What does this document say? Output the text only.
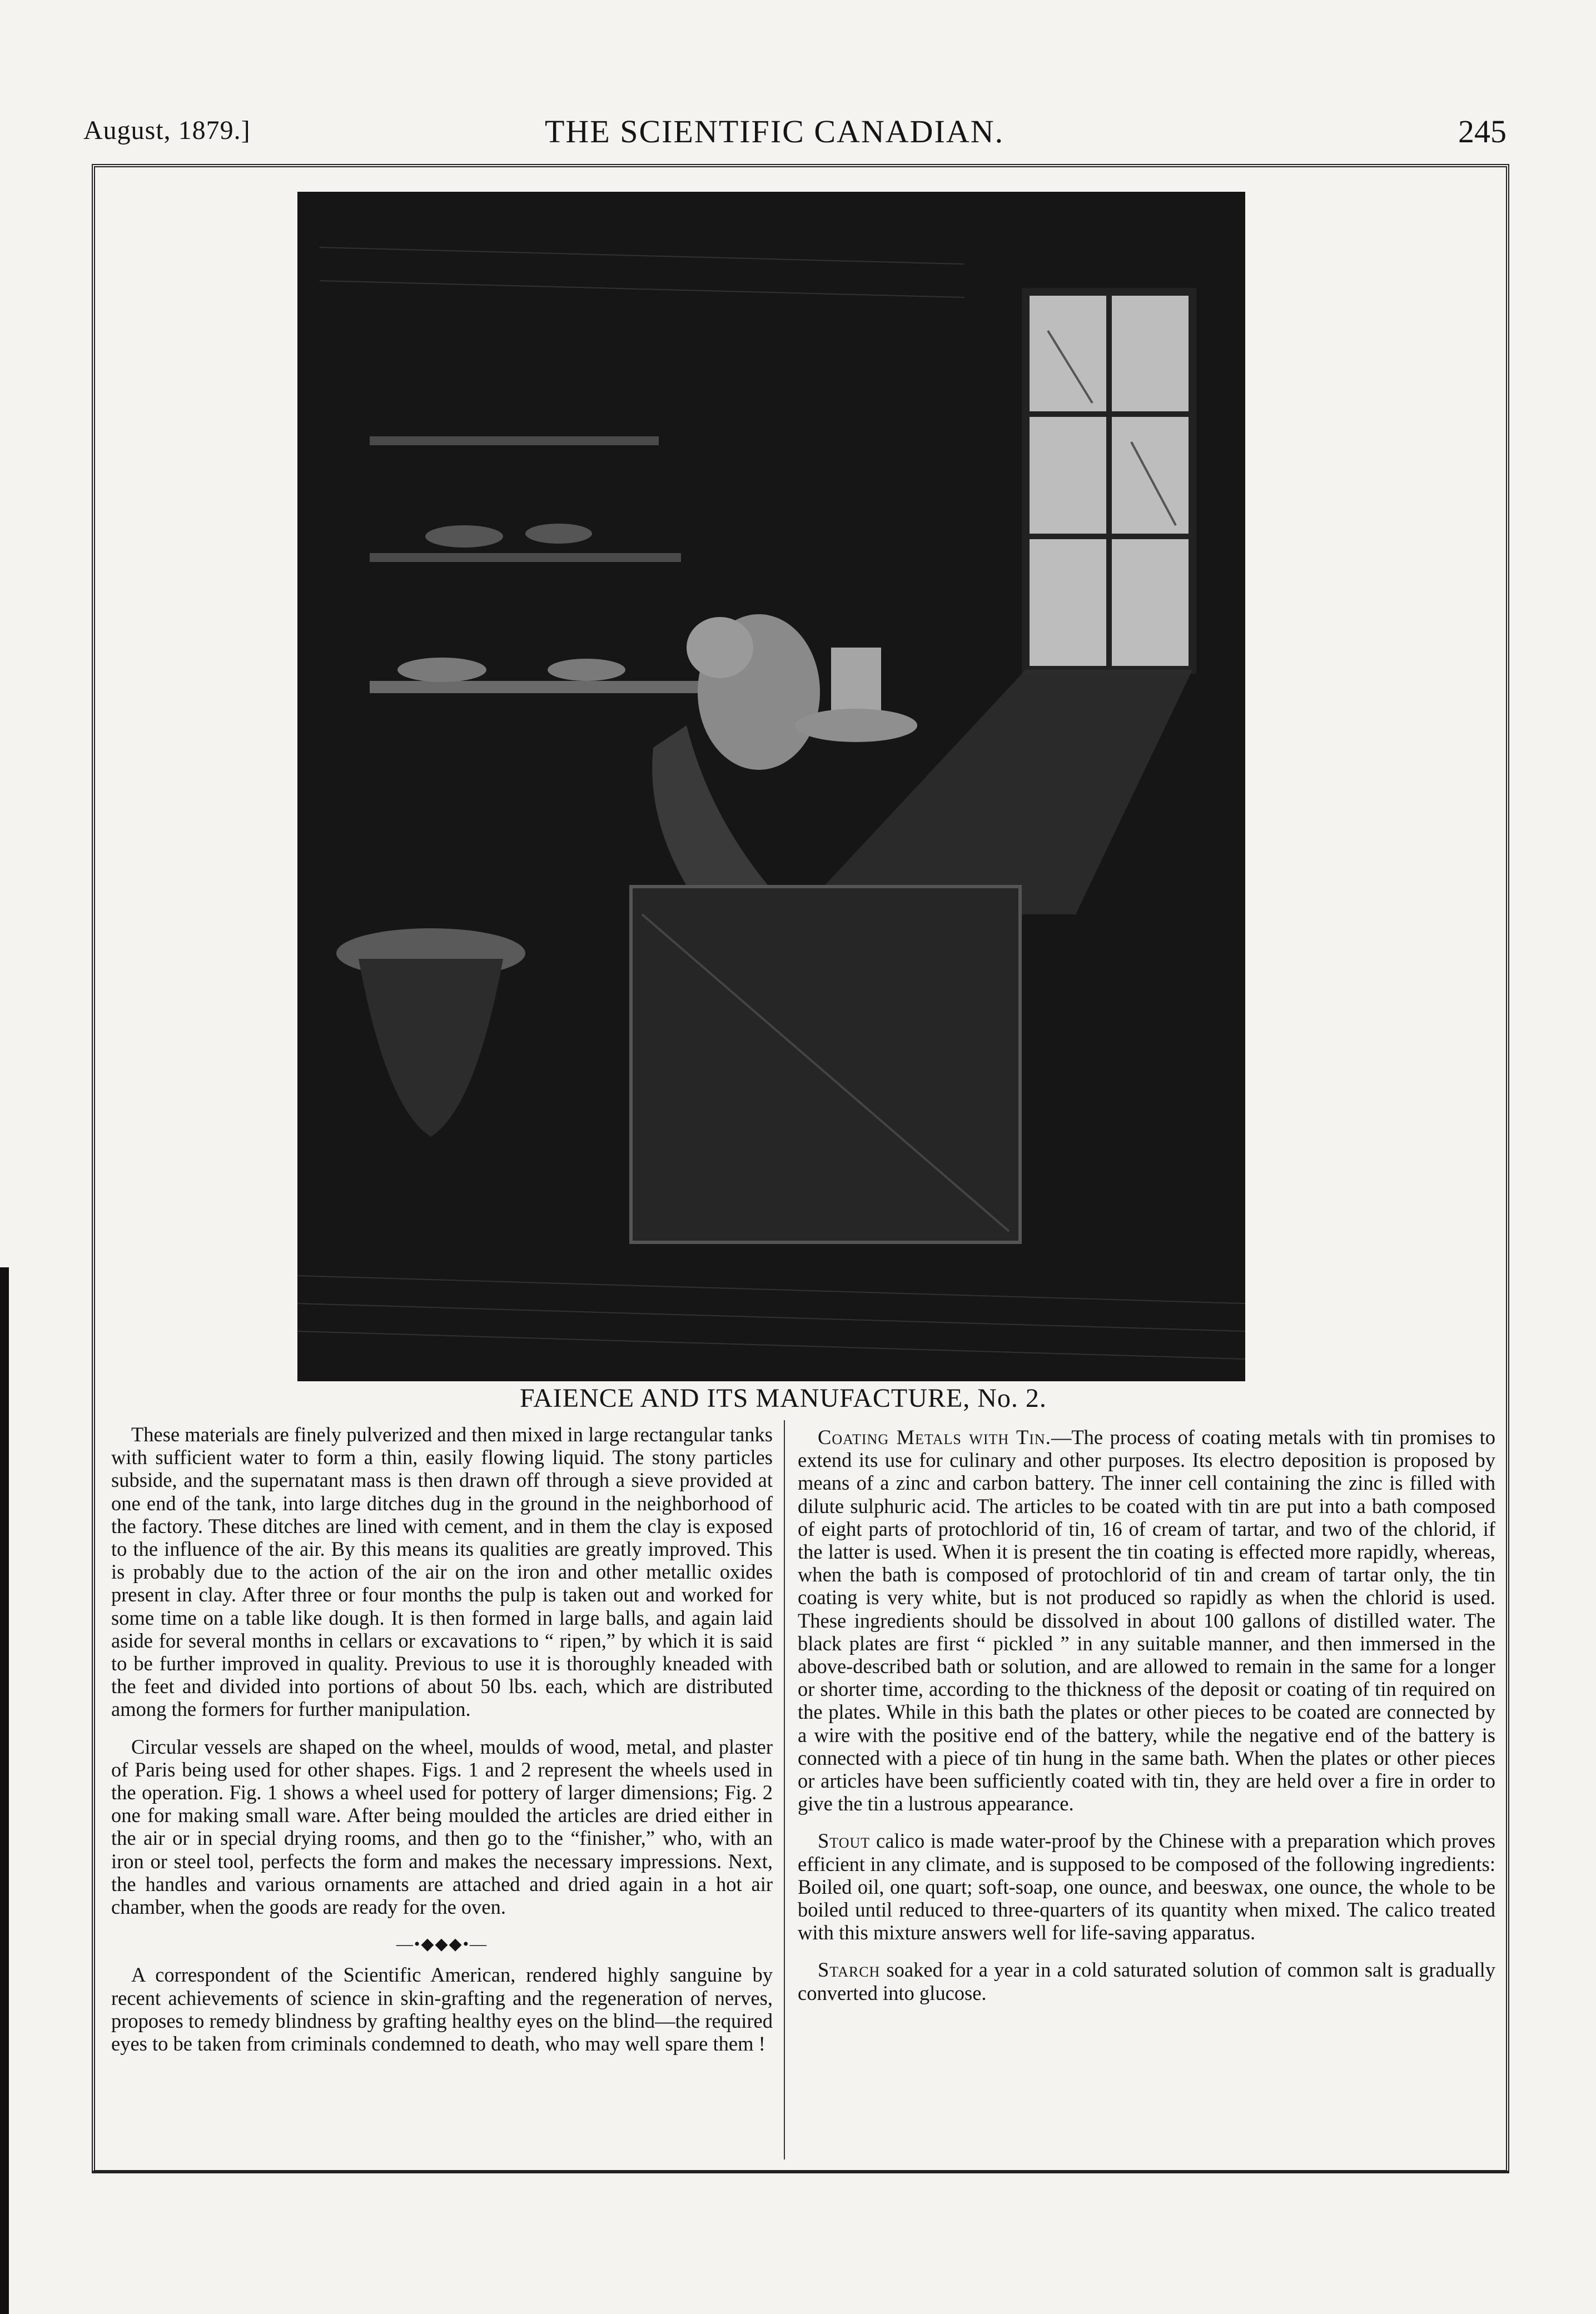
August, 1879.]	THE SCIENTIFIC CANADIAN.	245
FAIENCE AND ITS MANUFACTURE, No. 2.

These materials are finely pulverized and then mixed in large rectangular tanks with sufficient water to form a thin, easily flowing liquid. The stony particles subside, and the supernatant mass is then drawn off through a sieve provided at one end of the tank, into large ditches dug in the ground in the neighborhood of the factory. These ditches are lined with cement, and in them the clay is exposed to the influence of the air. By this means its qualities are greatly improved. This is probably due to the action of the air on the iron and other metallic oxides present in clay. After three or four months the pulp is taken out and worked for some time on a table like dough. It is then formed in large balls, and again laid aside for several months in cellars or excavations to “ ripen,” by which it is said to be further improved in quality. Previous to use it is thoroughly kneaded with the feet and divided into portions of about 50 lbs. each, which are distributed among the formers for further manipulation.

Circular vessels are shaped on the wheel, moulds of wood, metal, and plaster of Paris being used for other shapes. Figs. 1 and 2 represent the wheels used in the operation. Fig. 1 shows a wheel used for pottery of larger dimensions; Fig. 2 one for making small ware. After being moulded the articles are dried either in the air or in special drying rooms, and then go to the “finisher,” who, with an iron or steel tool, perfects the form and makes the necessary impressions. Next, the handles and various ornaments are attached and dried again in a hot air chamber, when the goods are ready for the oven.

—•◆◆◆•—

A correspondent of the Scientific American, rendered highly sanguine by recent achievements of science in skin-grafting and the regeneration of nerves, proposes to remedy blindness by grafting healthy eyes on the blind—the required eyes to be taken from criminals condemned to death, who may well spare them !

Coating Metals with Tin.—The process of coating metals with tin promises to extend its use for culinary and other purposes. Its electro deposition is proposed by means of a zinc and carbon battery. The inner cell containing the zinc is filled with dilute sulphuric acid. The articles to be coated with tin are put into a bath composed of eight parts of protochlorid of tin, 16 of cream of tartar, and two of the chlorid, if the latter is used. When it is present the tin coating is effected more rapidly, whereas, when the bath is composed of protochlorid of tin and cream of tartar only, the tin coating is very white, but is not produced so rapidly as when the chlorid is used. These ingredients should be dissolved in about 100 gallons of distilled water. The black plates are first “ pickled ” in any suitable manner, and then immersed in the above-described bath or solution, and are allowed to remain in the same for a longer or shorter time, according to the thickness of the deposit or coating of tin required on the plates. While in this bath the plates or other pieces to be coated are connected by a wire with the positive end of the battery, while the negative end of the battery is connected with a piece of tin hung in the same bath. When the plates or other pieces or articles have been sufficiently coated with tin, they are held over a fire in order to give the tin a lustrous appearance.

Stout calico is made water-proof by the Chinese with a preparation which proves efficient in any climate, and is supposed to be composed of the following ingredients: Boiled oil, one quart; soft-soap, one ounce, and beeswax, one ounce, the whole to be boiled until reduced to three-quarters of its quantity when mixed. The calico treated with this mixture answers well for life-saving apparatus.

Starch soaked for a year in a cold saturated solution of common salt is gradually converted into glucose.
